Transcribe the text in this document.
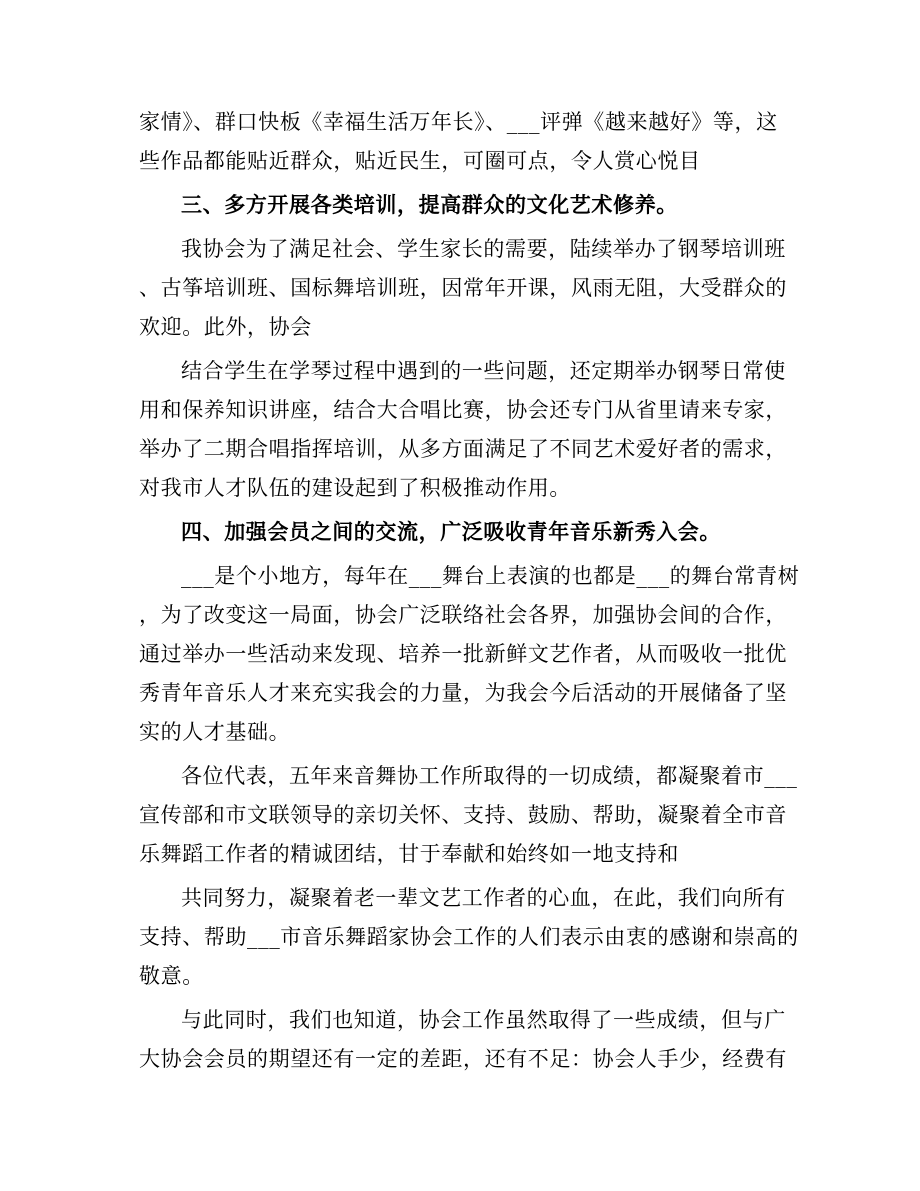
家情》、群口快板《幸福生活万年长》、___评弹《越来越好》等，这
些作品都能贴近群众，贴近民生，可圈可点，令人赏心悦目
三、多方开展各类培训，提高群众的文化艺术修养。
我协会为了满足社会、学生家长的需要，陆续举办了钢琴培训班
、古筝培训班、国标舞培训班，因常年开课，风雨无阻，大受群众的
欢迎。此外，协会
结合学生在学琴过程中遇到的一些问题，还定期举办钢琴日常使
用和保养知识讲座，结合大合唱比赛，协会还专门从省里请来专家，
举办了二期合唱指挥培训，从多方面满足了不同艺术爱好者的需求，
对我市人才队伍的建设起到了积极推动作用。
四、加强会员之间的交流，广泛吸收青年音乐新秀入会。
___是个小地方，每年在___舞台上表演的也都是___的舞台常青树
，为了改变这一局面，协会广泛联络社会各界，加强协会间的合作，
通过举办一些活动来发现、培养一批新鲜文艺作者，从而吸收一批优
秀青年音乐人才来充实我会的力量，为我会今后活动的开展储备了坚
实的人才基础。
各位代表，五年来音舞协工作所取得的一切成绩，都凝聚着市___
宣传部和市文联领导的亲切关怀、支持、鼓励、帮助，凝聚着全市音
乐舞蹈工作者的精诚团结，甘于奉献和始终如一地支持和
共同努力，凝聚着老一辈文艺工作者的心血，在此，我们向所有
支持、帮助___市音乐舞蹈家协会工作的人们表示由衷的感谢和崇高的
敬意。
与此同时，我们也知道，协会工作虽然取得了一些成绩，但与广
大协会会员的期望还有一定的差距，还有不足：协会人手少，经费有
